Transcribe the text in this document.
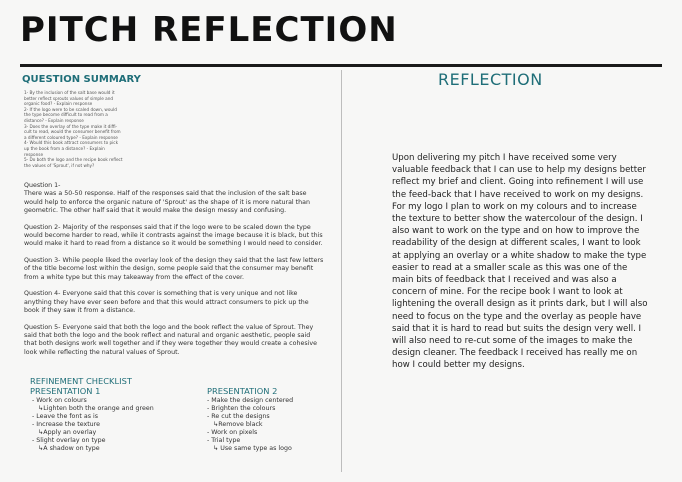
PITCH REFLECTION
QUESTION SUMMARY
1- By the inclusion of the salt base would it
better reflect sprouts values of simple and
organic food? - Explain response
2- If the logo were to be scaled down, would
the type become difficult to read from a
distance? - Explain response
3- Does the overlay of the type make it diffi-
cult to read, would the consumer benefit from
a different coloured type? - Explain response
4- Would this book attract consumers to pick
up the book from a distance? - Explain
response
5- Do both the logo and the recipe book reflect
the values of 'Sprout', if not why?

Question 1-
There was a 50-50 response. Half of the responses said that the inclusion of the salt base would help to enforce the organic nature of 'Sprout' as the shape of it is more natural than geometric. The other half said that it would make the design messy and confusing.

Question 2- Majority of the responses said that if the logo were to be scaled down the type would become harder to read, while it contrasts against the image because it is black, but this would make it hard to read from a distance so it would be something I would need to consider.

Question 3- While people liked the overlay look of the design they said that the last few letters of the title become lost within the design, some people said that the consumer may benefit from a white type but this may takeaway from the effect of the cover.

Question 4- Everyone said that this cover is something that is very unique and not like anything they have ever seen before and that this would attract consumers to pick up the book if they saw it from a distance.

Question 5- Everyone said that both the logo and the book reflect the value of Sprout. They said that both the logo and the book reflect and natural and organic aesthetic, people said that both designs work well together and if they were together they would create a cohesive look while reflecting the natural values of Sprout.

REFINEMENT CHECKLIST
PRESENTATION 1	PRESENTATION 2
- Work on colours
↳Lighten both the orange and green
- Leave the font as is
- Increase the texture
↳Apply an overlay
- Slight overlay on type
↳A shadow on type
- Make the design centered
- Brighten the colours
- Re cut the designs
↳Remove black
- Work on pixels
- Trial type
↳ Use same type as logo
REFLECTION

Upon delivering my pitch I have received some very valuable feedback that I can use to help my designs better reflect my brief and client. Going into refinement I will use the feed-back that I have received to work on my designs. For my logo I plan to work on my colours and to increase the texture to better show the watercolour of the design. I also want to work on the type and on how to improve the readability of the design at different scales, I want to look at applying an overlay or a white shadow to make the type easier to read at a smaller scale as this was one of the main bits of feedback that I received and was also a concern of mine. For the recipe book I want to look at lightening the overall design as it prints dark, but I will also need to focus on the type and the overlay as people have said that it is hard to read but suits the design very well. I will also need to re-cut some of the images to make the design cleaner. The feedback I received has really me on how I could better my designs.
